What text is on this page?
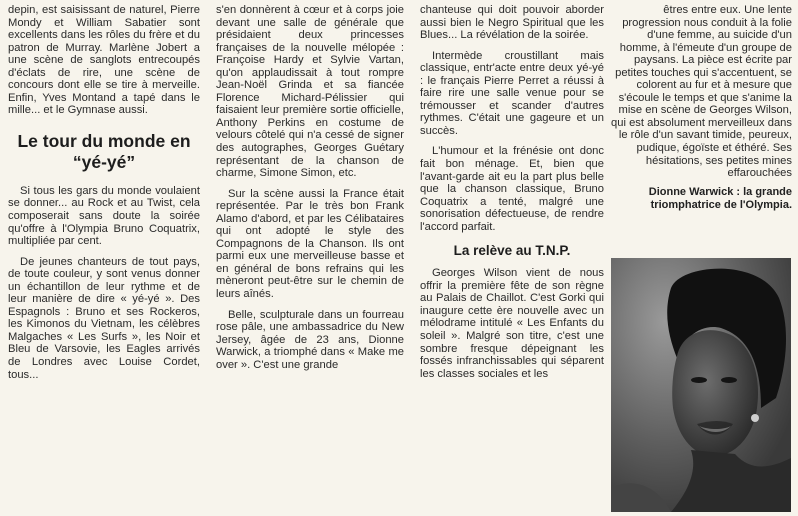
depin, est saisissant de naturel, Pierre Mondy et William Sabatier sont excellents dans les rôles du frère et du patron de Murray. Marlène Jobert a une scène de sanglots entrecoupés d'éclats de rire, une scène de concours dont elle se tire à merveille. Enfin, Yves Montand a tapé dans le mille... et le Gymnase aussi.

Le tour du monde en “yé-yé”

Si tous les gars du monde voulaient se donner... au Rock et au Twist, cela composerait sans doute la soirée qu'offre à l'Olympia Bruno Coquatrix, multipliée par cent.

De jeunes chanteurs de tout pays, de toute couleur, y sont venus donner un échantillon de leur rythme et de leur manière de dire « yé-yé ». Des Espagnols : Bruno et ses Rockeros, les Kimonos du Vietnam, les célèbres Malgaches « Les Surfs », les Noir et Bleu de Varsovie, les Eagles arrivés de Londres avec Louise Cordet, tous...

s'en donnèrent à cœur et à corps joie devant une salle de générale que présidaient deux princesses françaises de la nouvelle mélopée : Françoise Hardy et Sylvie Vartan, qu'on applaudissait à tout rompre Jean-Noël Grinda et sa fiancée Florence Michard-Pélissier qui faisaient leur première sortie officielle, Anthony Perkins en costume de velours côtelé qui n'a cessé de signer des autographes, Georges Guétary représentant de la chanson de charme, Simone Simon, etc.

Sur la scène aussi la France était représentée. Par le très bon Frank Alamo d'abord, et par les Célibataires qui ont adopté le style des Compagnons de la Chanson. Ils ont parmi eux une merveilleuse basse et en général de bons refrains qui les mèneront peut-être sur le chemin de leurs aînés.

Belle, sculpturale dans un fourreau rose pâle, une ambassadrice du New Jersey, âgée de 23 ans, Dionne Warwick, a triomphé dans « Make me over ». C'est une grande

chanteuse qui doit pouvoir aborder aussi bien le Negro Spiritual que les Blues... La révélation de la soirée.

Intermède croustillant mais classique, entr'acte entre deux yé-yé : le français Pierre Perret a réussi à faire rire une salle venue pour se trémousser et scander d'autres rythmes. C'était une gageure et un succès.

L'humour et la frénésie ont donc fait bon ménage. Et, bien que l'avant-garde ait eu la part plus belle que la chanson classique, Bruno Coquatrix a tenté, malgré une sonorisation défectueuse, de rendre l'accord parfait.

La relève au T.N.P.

Georges Wilson vient de nous offrir la première fête de son règne au Palais de Chaillot. C'est Gorki qui inaugure cette ère nouvelle avec un mélodrame intitulé « Les Enfants du soleil ». Malgré son titre, c'est une sombre fresque dépeignant les fossés infranchissables qui séparent les classes sociales et les

êtres entre eux. Une lente progression nous conduit à la folie d'une femme, au suicide d'un homme, à l'émeute d'un groupe de paysans. La pièce est écrite par petites touches qui s'accentuent, se colorent au fur et à mesure que s'écoule le temps et que s'anime la mise en scène de Georges Wilson, qui est absolument merveilleux dans le rôle d'un savant timide, peureux, pudique, égoïste et éthéré. Ses hésitations, ses petites mines effarouchées

Dionne Warwick : la grande triomphatrice de l'Olympia.
